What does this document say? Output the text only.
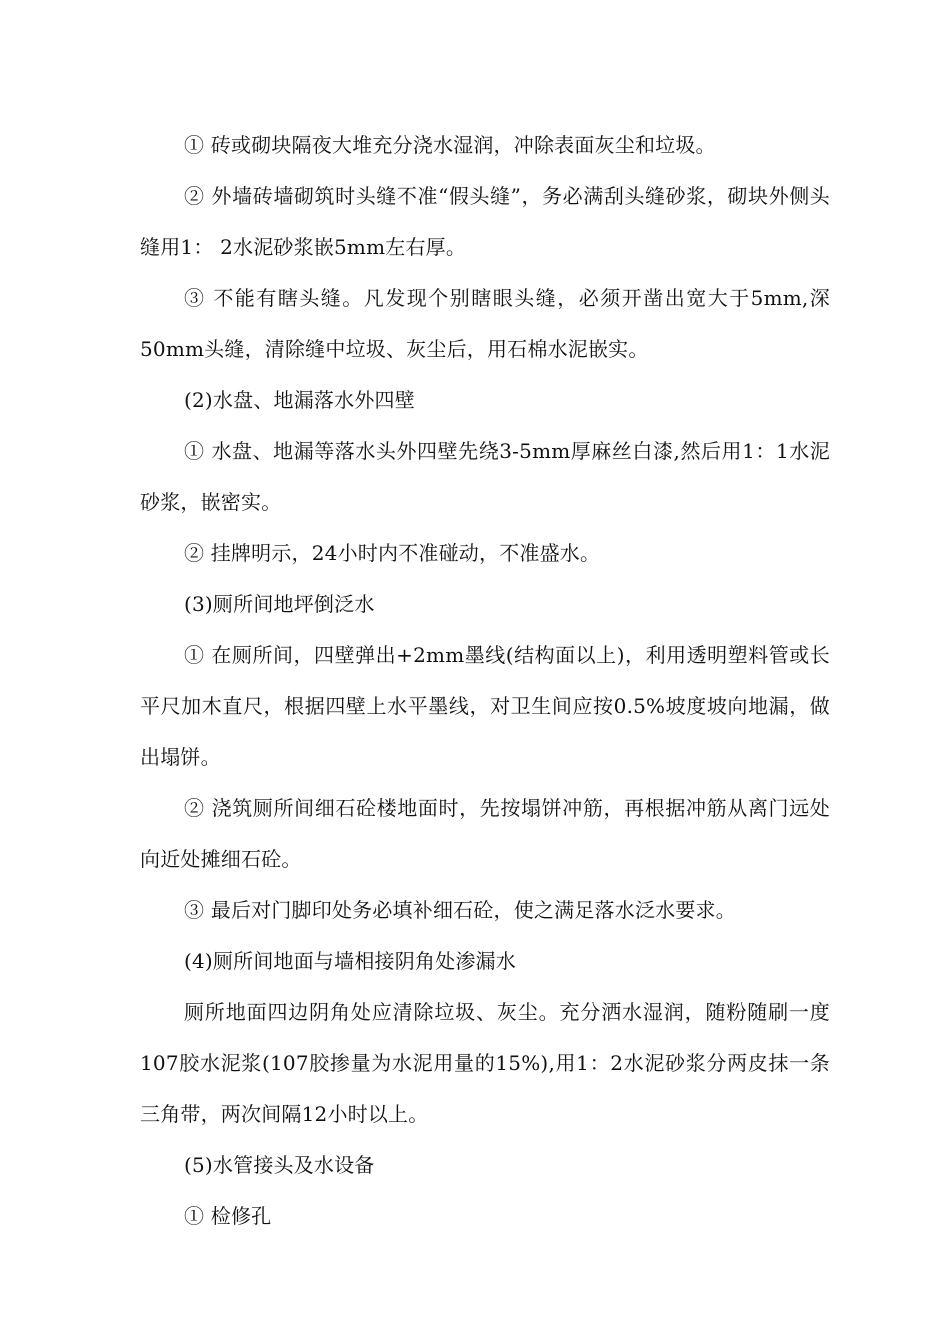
① 砖或砌块隔夜大堆充分浇水湿润，冲除表面灰尘和垃圾。

② 外墙砖墙砌筑时头缝不准“假头缝”，务必满刮头缝砂浆，砌块外侧头缝用1： 2水泥砂浆嵌5mm左右厚。

③ 不能有瞎头缝。凡发现个别瞎眼头缝，必须开凿出宽大于5mm,深50mm头缝，清除缝中垃圾、灰尘后，用石棉水泥嵌实。

(2)水盘、地漏落水外四壁

① 水盘、地漏等落水头外四壁先绕3-5mm厚麻丝白漆,然后用1：1水泥砂浆，嵌密实。

② 挂牌明示，24小时内不准碰动，不准盛水。

(3)厕所间地坪倒泛水

① 在厕所间，四壁弹出+2mm墨线(结构面以上)，利用透明塑料管或长平尺加木直尺，根据四壁上水平墨线，对卫生间应按0.5%坡度坡向地漏，做出塌饼。

② 浇筑厕所间细石砼楼地面时，先按塌饼冲筋，再根据冲筋从离门远处向近处摊细石砼。

③ 最后对门脚印处务必填补细石砼，使之满足落水泛水要求。

(4)厕所间地面与墙相接阴角处渗漏水

厕所地面四边阴角处应清除垃圾、灰尘。充分洒水湿润，随粉随刷一度107胶水泥浆(107胶掺量为水泥用量的15%),用1：2水泥砂浆分两皮抹一条三角带，两次间隔12小时以上。

(5)水管接头及水设备

① 检修孔
